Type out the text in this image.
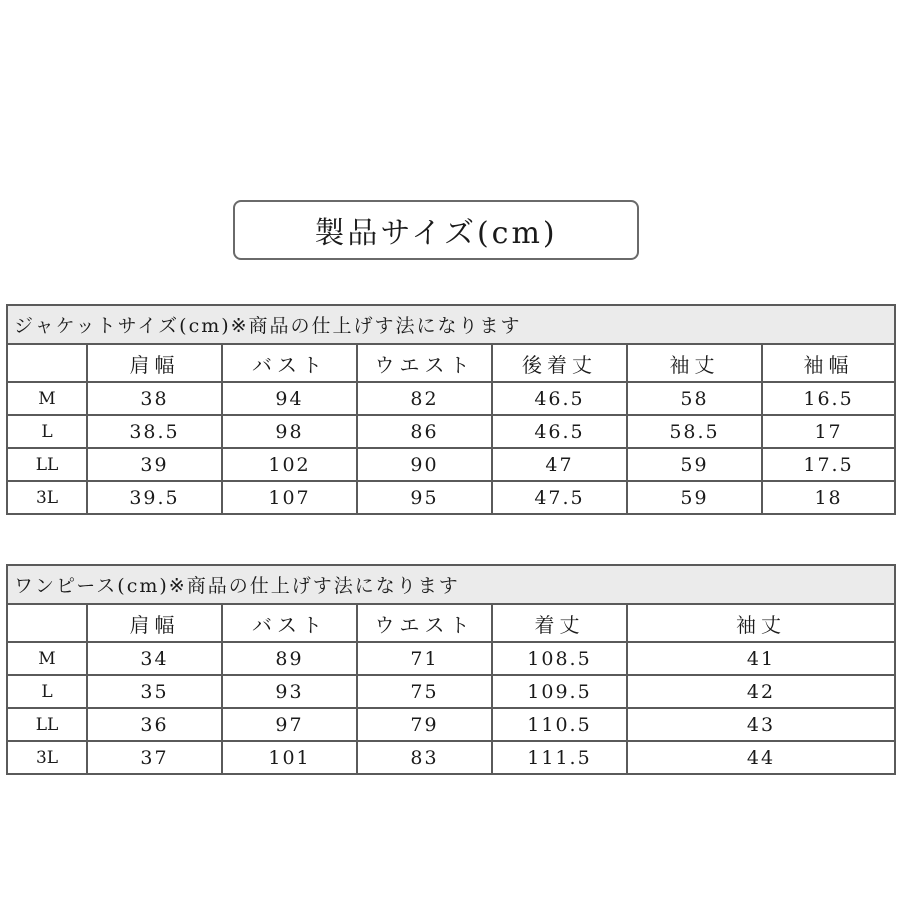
製品サイズ(cm)
ジャケットサイズ(cm)※商品の仕上げす法になります						
	肩幅	バスト	ウエスト	後着丈	袖丈	袖幅
M	38	94	82	46.5	58	16.5
L	38.5	98	86	46.5	58.5	17
LL	39	102	90	47	59	17.5
3L	39.5	107	95	47.5	59	18
ワンピース(cm)※商品の仕上げす法になります					
	肩幅	バスト	ウエスト	着丈	袖丈
M	34	89	71	108.5	41
L	35	93	75	109.5	42
LL	36	97	79	110.5	43
3L	37	101	83	111.5	44
